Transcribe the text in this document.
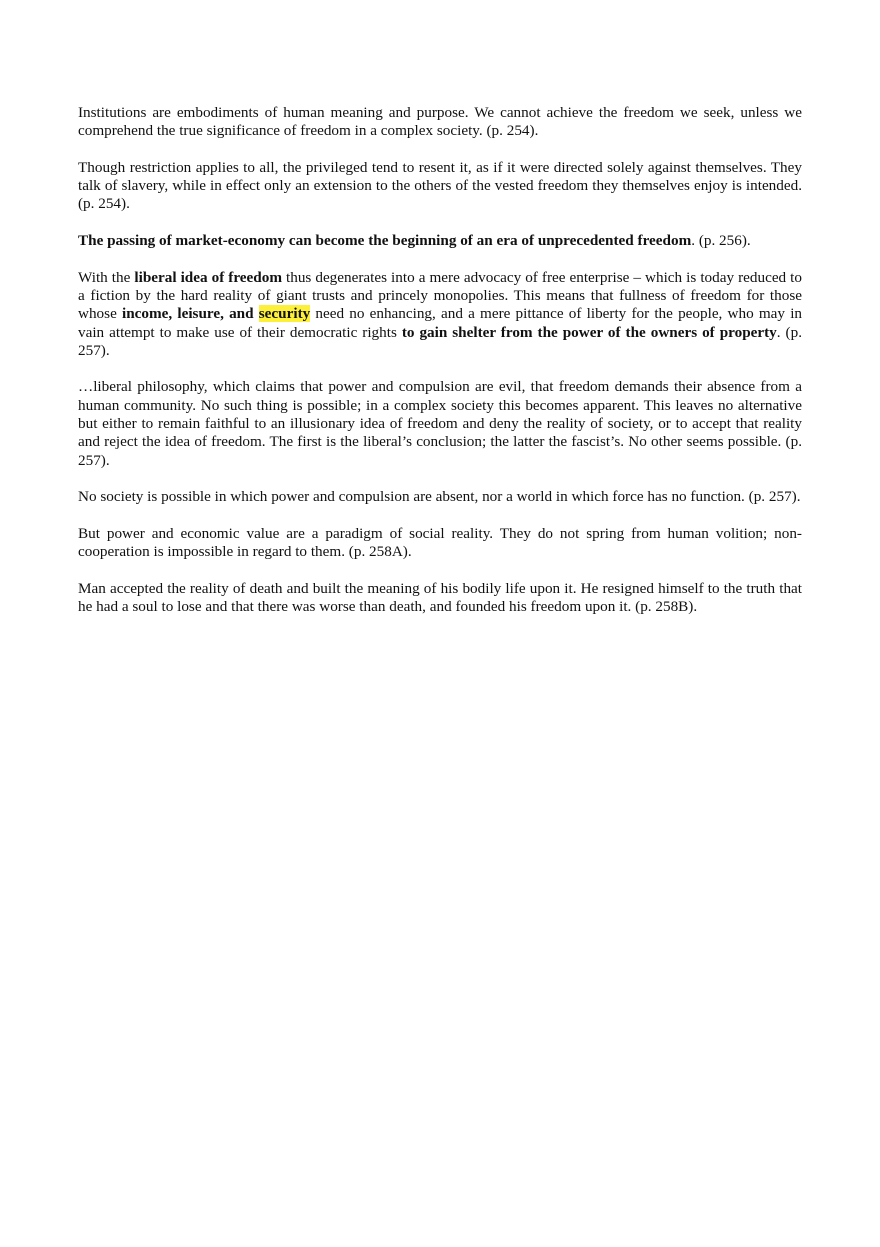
Institutions are embodiments of human meaning and purpose. We cannot achieve the freedom we seek, unless we comprehend the true significance of freedom in a complex society. (p. 254).

Though restriction applies to all, the privileged tend to resent it, as if it were directed solely against themselves. They talk of slavery, while in effect only an extension to the others of the vested freedom they themselves enjoy is intended. (p. 254).

The passing of market-economy can become the beginning of an era of unprecedented freedom. (p. 256).

With the liberal idea of freedom thus degenerates into a mere advocacy of free enterprise – which is today reduced to a fiction by the hard reality of giant trusts and princely monopolies. This means that fullness of freedom for those whose income, leisure, and security need no enhancing, and a mere pittance of liberty for the people, who may in vain attempt to make use of their democratic rights to gain shelter from the power of the owners of property. (p. 257).

…liberal philosophy, which claims that power and compulsion are evil, that freedom demands their absence from a human community. No such thing is possible; in a complex society this becomes apparent. This leaves no alternative but either to remain faithful to an illusionary idea of freedom and deny the reality of society, or to accept that reality and reject the idea of freedom. The first is the liberal’s conclusion; the latter the fascist’s. No other seems possible. (p. 257).

No society is possible in which power and compulsion are absent, nor a world in which force has no function. (p. 257).

But power and economic value are a paradigm of social reality. They do not spring from human volition; non-cooperation is impossible in regard to them. (p. 258A).

Man accepted the reality of death and built the meaning of his bodily life upon it. He resigned himself to the truth that he had a soul to lose and that there was worse than death, and founded his freedom upon it. (p. 258B).
